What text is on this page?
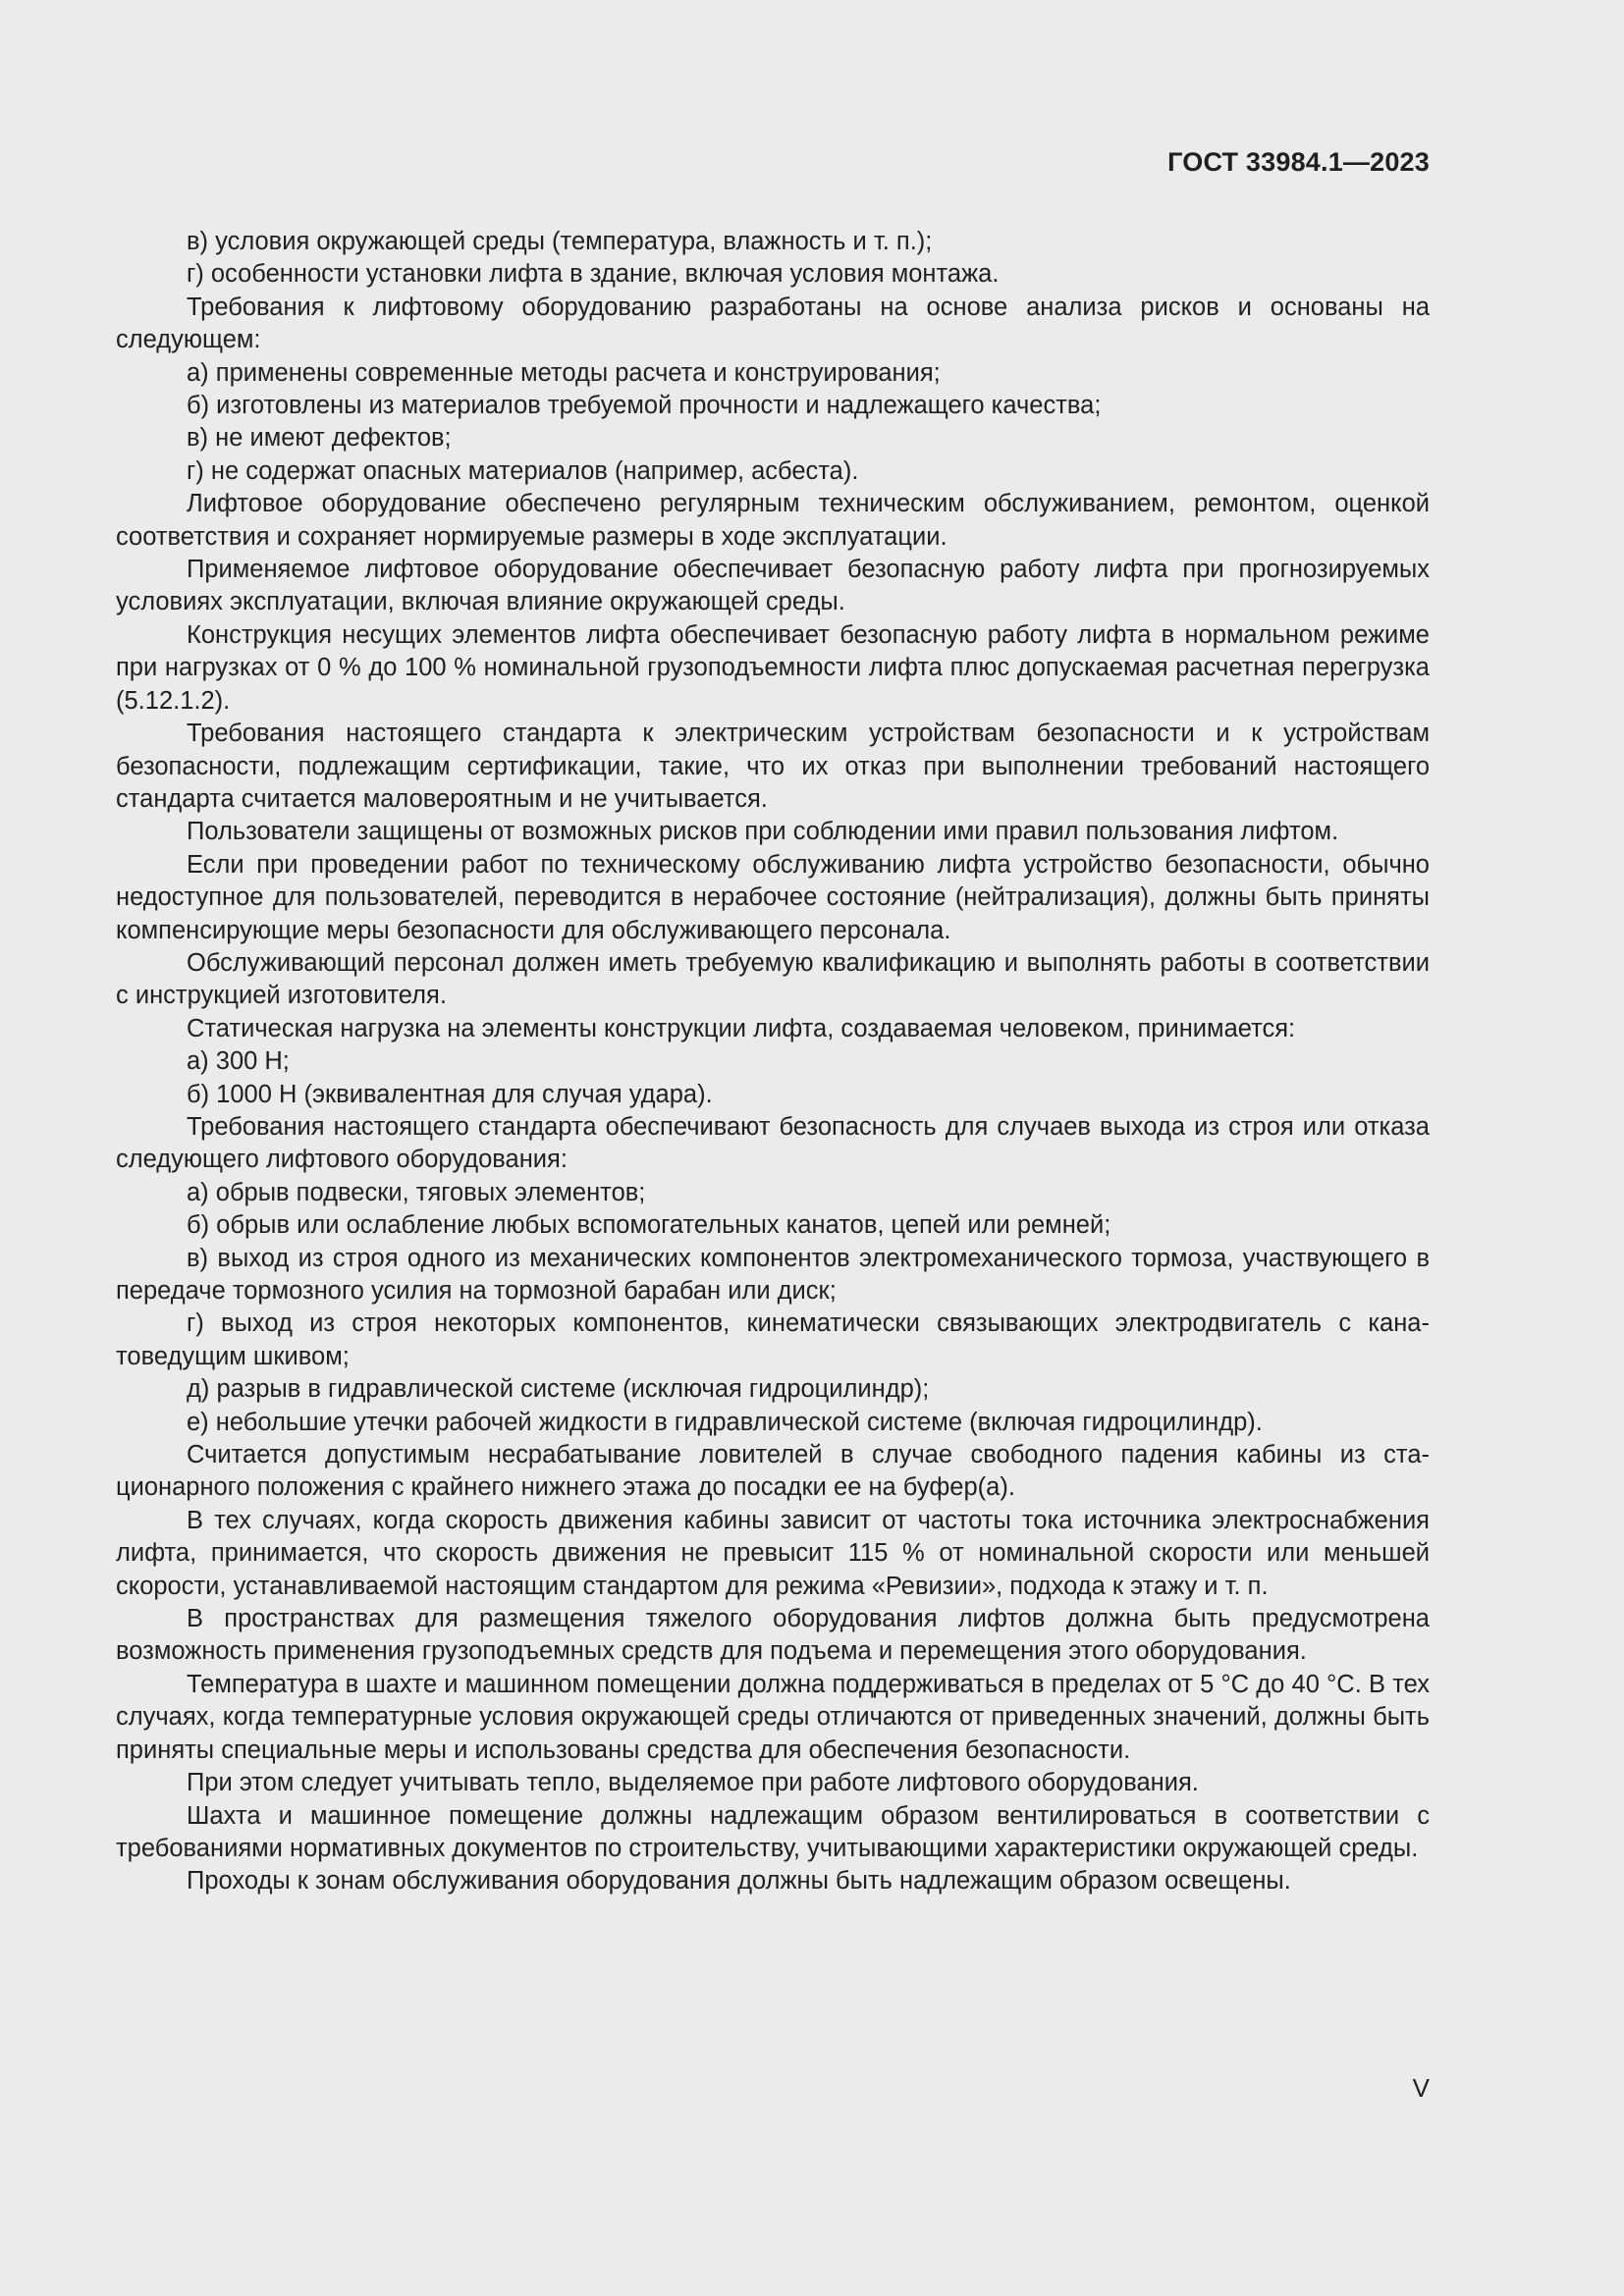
ГОСТ 33984.1—2023

в) условия окружающей среды (температура, влажность и т. п.);

г) особенности установки лифта в здание, включая условия монтажа.

Требования к лифтовому оборудованию разработаны на основе анализа рисков и основаны на следующем:

а) применены современные методы расчета и конструирования;

б) изготовлены из материалов требуемой прочности и надлежащего качества;

в) не имеют дефектов;

г) не содержат опасных материалов (например, асбеста).

Лифтовое оборудование обеспечено регулярным техническим обслуживанием, ремонтом, оценкой соответствия и сохраняет нормируемые размеры в ходе эксплуатации.

Применяемое лифтовое оборудование обеспечивает безопасную работу лифта при прогнозируемых условиях эксплуатации, включая влияние окружающей среды.

Конструкция несущих элементов лифта обеспечивает безопасную работу лифта в нормальном режиме при нагрузках от 0 % до 100 % номинальной грузоподъемности лифта плюс допускаемая расчетная перегрузка (5.12.1.2).

Требования настоящего стандарта к электрическим устройствам безопасности и к устройствам безопасности, подлежащим сертификации, такие, что их отказ при выполнении требований настоящего стандарта считается маловероятным и не учитывается.

Пользователи защищены от возможных рисков при соблюдении ими правил пользования лифтом.

Если при проведении работ по техническому обслуживанию лифта устройство безопасности, обычно недоступное для пользователей, переводится в нерабочее состояние (нейтрализация), должны быть приняты компенсирующие меры безопасности для обслуживающего персонала.

Обслуживающий персонал должен иметь требуемую квалификацию и выполнять работы в соответствии с инструкцией изготовителя.

Статическая нагрузка на элементы конструкции лифта, создаваемая человеком, принимается:

а) 300 Н;

б) 1000 Н (эквивалентная для случая удара).

Требования настоящего стандарта обеспечивают безопасность для случаев выхода из строя или отказа следующего лифтового оборудования:

а) обрыв подвески, тяговых элементов;

б) обрыв или ослабление любых вспомогательных канатов, цепей или ремней;

в) выход из строя одного из механических компонентов электромеханического тормоза, участвующего в передаче тормозного усилия на тормозной барабан или диск;

г) выход из строя некоторых компонентов, кинематически связывающих электродвигатель с канатоведущим шкивом;

д) разрыв в гидравлической системе (исключая гидроцилиндр);

е) небольшие утечки рабочей жидкости в гидравлической системе (включая гидроцилиндр).

Считается допустимым несрабатывание ловителей в случае свободного падения кабины из стационарного положения с крайнего нижнего этажа до посадки ее на буфер(а).

В тех случаях, когда скорость движения кабины зависит от частоты тока источника электроснабжения лифта, принимается, что скорость движения не превысит 115 % от номинальной скорости или меньшей скорости, устанавливаемой настоящим стандартом для режима «Ревизии», подхода к этажу и т. п.

В пространствах для размещения тяжелого оборудования лифтов должна быть предусмотрена возможность применения грузоподъемных средств для подъема и перемещения этого оборудования.

Температура в шахте и машинном помещении должна поддерживаться в пределах от 5 °C до 40 °C. В тех случаях, когда температурные условия окружающей среды отличаются от приведенных значений, должны быть приняты специальные меры и использованы средства для обеспечения безопасности.

При этом следует учитывать тепло, выделяемое при работе лифтового оборудования.

Шахта и машинное помещение должны надлежащим образом вентилироваться в соответствии с требованиями нормативных документов по строительству, учитывающими характеристики окружающей среды.

Проходы к зонам обслуживания оборудования должны быть надлежащим образом освещены.

V
